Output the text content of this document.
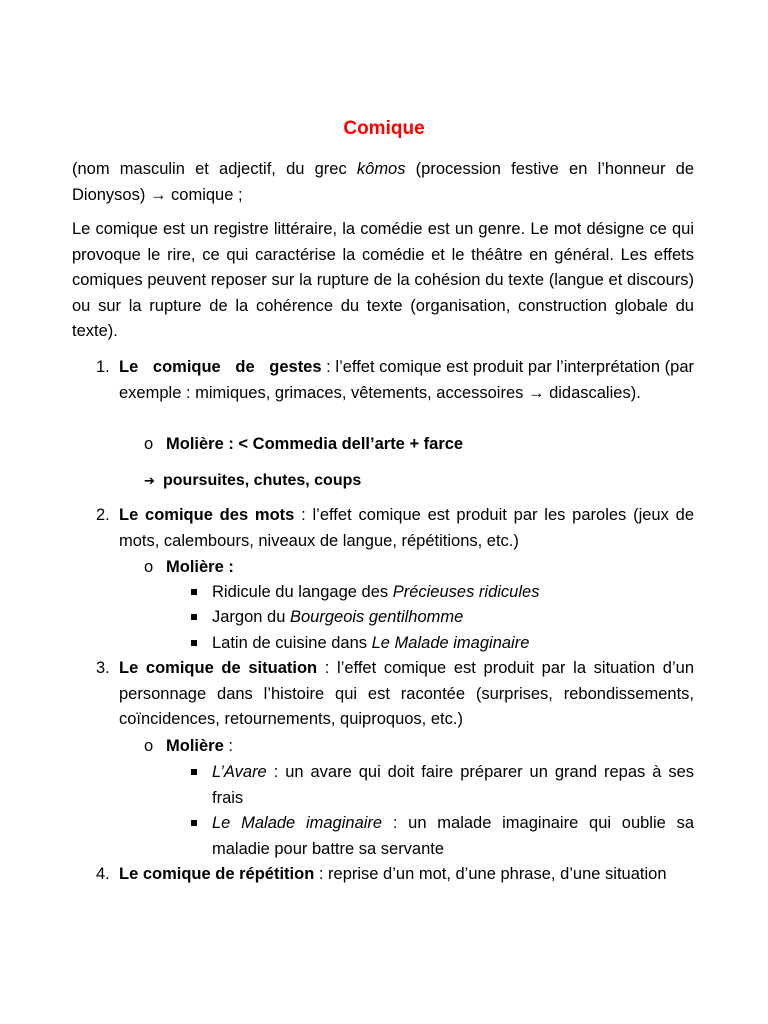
Comique

(nom masculin et adjectif, du grec kômos (procession festive en l’honneur de Dionysos) → comique ;

Le comique est un registre littéraire, la comédie est un genre. Le mot désigne ce qui provoque le rire, ce qui caractérise la comédie et le théâtre en général. Les effets comiques peuvent reposer sur la rupture de la cohésion du texte (langue et discours) ou sur la rupture de la cohérence du texte (organisation, construction globale du texte).

1. Le comique de gestes : l’effet comique est produit par l’interprétation (par exemple : mimiques, grimaces, vêtements, accessoires → didascalies).
o Molière : < Commedia dell’arte + farce
➔ poursuites, chutes, coups
2. Le comique des mots : l’effet comique est produit par les paroles (jeux de mots, calembours, niveaux de langue, répétitions, etc.)
o Molière :
Ridicule du langage des Précieuses ridicules
Jargon du Bourgeois gentilhomme
Latin de cuisine dans Le Malade imaginaire
3. Le comique de situation : l’effet comique est produit par la situation d’un personnage dans l’histoire qui est racontée (surprises, rebondissements, coïncidences, retournements, quiproquos, etc.)
o Molière :
L’Avare : un avare qui doit faire préparer un grand repas à ses frais
Le Malade imaginaire : un malade imaginaire qui oublie sa maladie pour battre sa servante
4. Le comique de répétition : reprise d’un mot, d’une phrase, d’une situation
